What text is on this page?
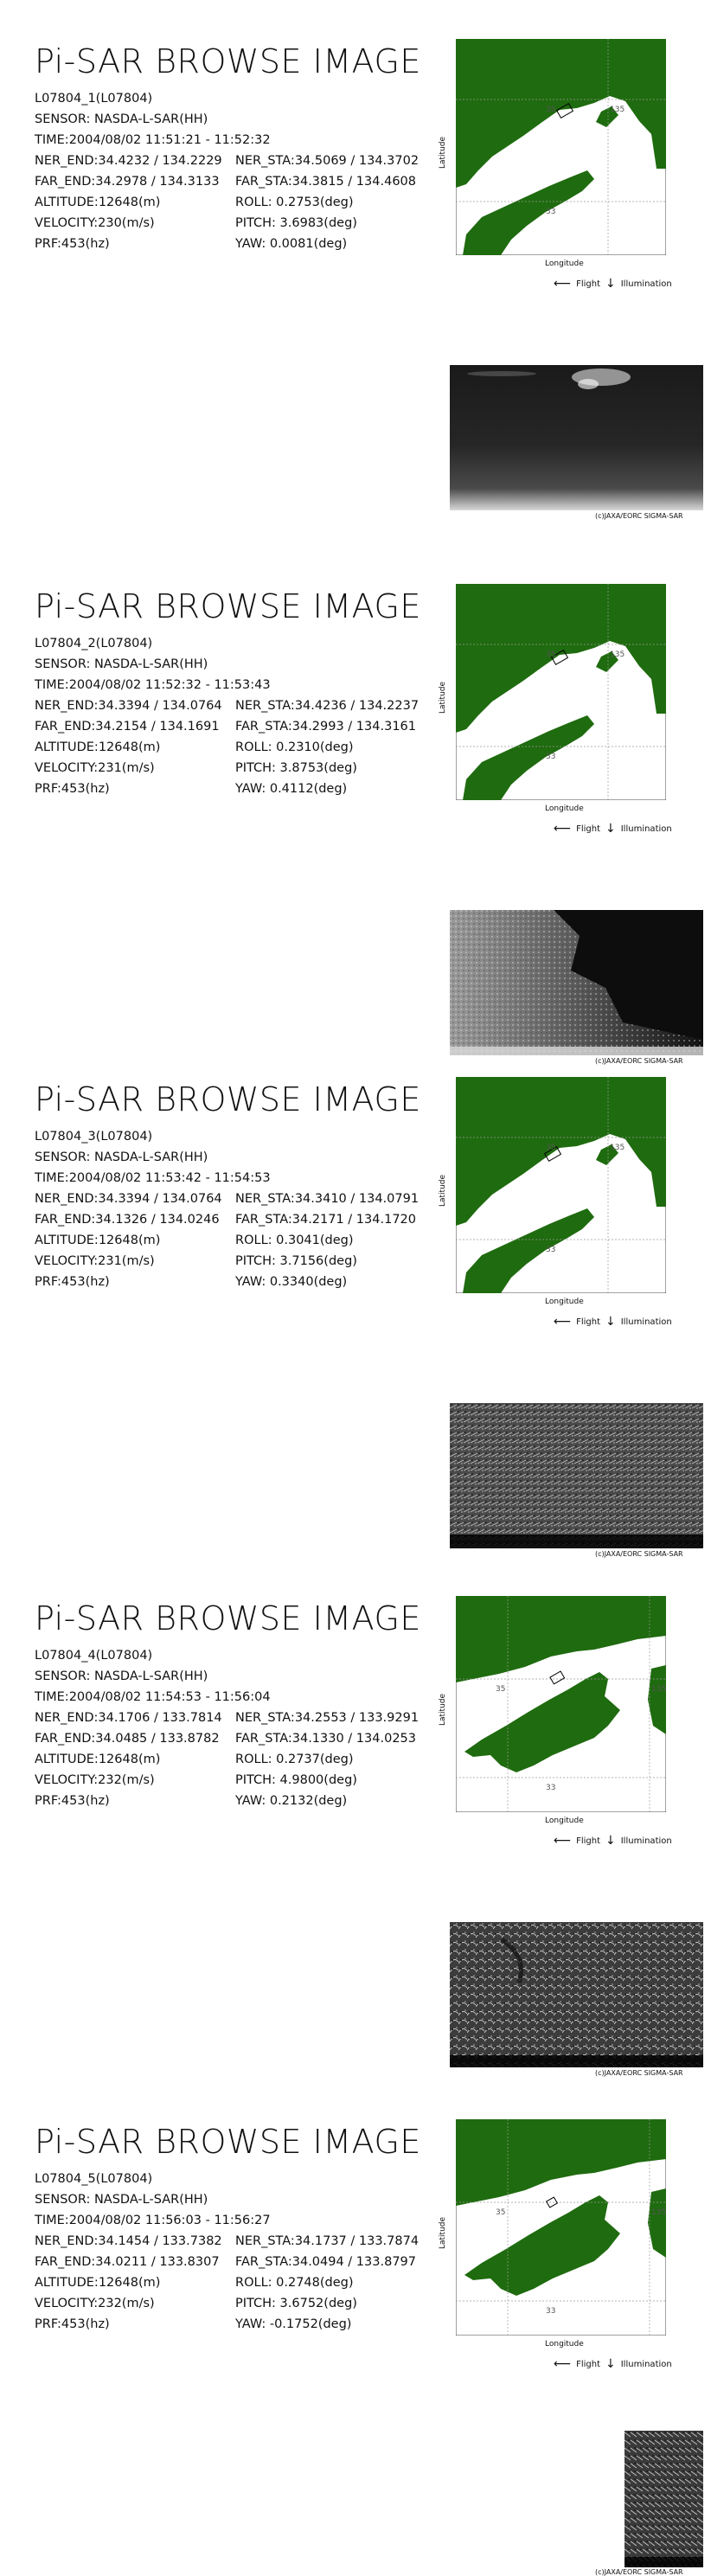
Pi-SAR BROWSE IMAGE
L07804_1(L07804)
SENSOR: NASDA-L-SAR(HH)
TIME:2004/08/02 11:51:21 - 11:52:32
NER_END:34.4232 / 134.2229	NER_STA:34.5069 / 134.3702
FAR_END:34.2978 / 134.3133	FAR_STA:34.3815 / 134.4608
ALTITUDE:12648(m)	ROLL: 0.2753(deg)
VELOCITY:230(m/s)	PITCH: 3.6983(deg)
PRF:453(hz)	YAW: 0.0081(deg)
135
35
33
Latitude
Longitude
⟵ Flight ↓ Illumination
(c)JAXA/EORC SIGMA-SAR
Pi-SAR BROWSE IMAGE
L07804_2(L07804)
SENSOR: NASDA-L-SAR(HH)
TIME:2004/08/02 11:52:32 - 11:53:43
NER_END:34.3394 / 134.0764	NER_STA:34.4236 / 134.2237
FAR_END:34.2154 / 134.1691	FAR_STA:34.2993 / 134.3161
ALTITUDE:12648(m)	ROLL: 0.2310(deg)
VELOCITY:231(m/s)	PITCH: 3.8753(deg)
PRF:453(hz)	YAW: 0.4112(deg)
135
35
33
Latitude
Longitude
⟵ Flight ↓ Illumination
(c)JAXA/EORC SIGMA-SAR
Pi-SAR BROWSE IMAGE
L07804_3(L07804)
SENSOR: NASDA-L-SAR(HH)
TIME:2004/08/02 11:53:42 - 11:54:53
NER_END:34.3394 / 134.0764	NER_STA:34.3410 / 134.0791
FAR_END:34.1326 / 134.0246	FAR_STA:34.2171 / 134.1720
ALTITUDE:12648(m)	ROLL: 0.3041(deg)
VELOCITY:231(m/s)	PITCH: 3.7156(deg)
PRF:453(hz)	YAW: 0.3340(deg)
135
35
33
Latitude
Longitude
⟵ Flight ↓ Illumination
(c)JAXA/EORC SIGMA-SAR
Pi-SAR BROWSE IMAGE
L07804_4(L07804)
SENSOR: NASDA-L-SAR(HH)
TIME:2004/08/02 11:54:53 - 11:56:04
NER_END:34.1706 / 133.7814	NER_STA:34.2553 / 133.9291
FAR_END:34.0485 / 133.8782	FAR_STA:34.1330 / 134.0253
ALTITUDE:12648(m)	ROLL: 0.2737(deg)
VELOCITY:232(m/s)	PITCH: 4.9800(deg)
PRF:453(hz)	YAW: 0.2132(deg)
135
35
33
Latitude
Longitude
⟵ Flight ↓ Illumination
(c)JAXA/EORC SIGMA-SAR
Pi-SAR BROWSE IMAGE
L07804_5(L07804)
SENSOR: NASDA-L-SAR(HH)
TIME:2004/08/02 11:56:03 - 11:56:27
NER_END:34.1454 / 133.7382	NER_STA:34.1737 / 133.7874
FAR_END:34.0211 / 133.8307	FAR_STA:34.0494 / 133.8797
ALTITUDE:12648(m)	ROLL: 0.2748(deg)
VELOCITY:232(m/s)	PITCH: 3.6752(deg)
PRF:453(hz)	YAW: -0.1752(deg)
135
35
33
Latitude
Longitude
⟵ Flight ↓ Illumination
(c)JAXA/EORC SIGMA-SAR
